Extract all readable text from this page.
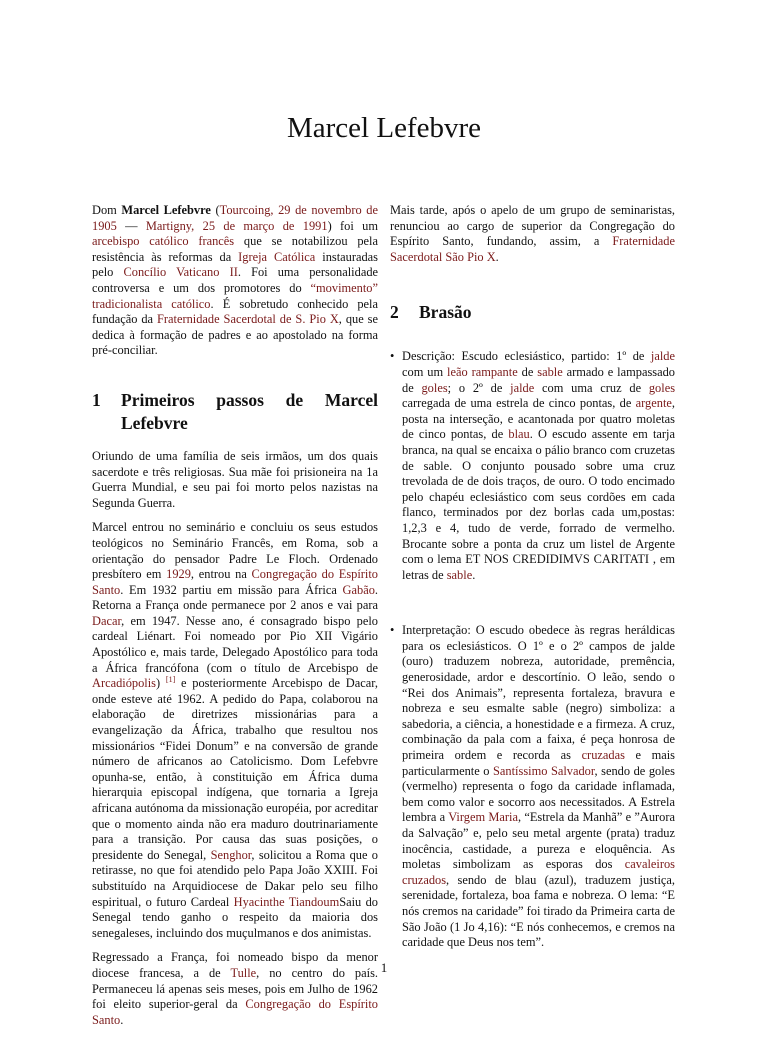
Marcel Lefebvre

Dom Marcel Lefebvre (Tourcoing, 29 de novembro de 1905 — Martigny, 25 de março de 1991) foi um arcebispo católico francês que se notabilizou pela resistência às reformas da Igreja Católica instauradas pelo Concílio Vaticano II. Foi uma personalidade controversa e um dos promotores do “movimento” tradicionalista católico. É sobretudo conhecido pela fundação da Fraternidade Sacerdotal de S. Pio X, que se dedica à formação de padres e ao apostolado na forma pré-conciliar.

1	Primeiros passos de Marcel Lefebvre

Oriundo de uma família de seis irmãos, um dos quais sacerdote e três religiosas. Sua mãe foi prisioneira na 1a Guerra Mundial, e seu pai foi morto pelos nazistas na Segunda Guerra.

Marcel entrou no seminário e concluiu os seus estudos teológicos no Seminário Francês, em Roma, sob a orientação do pensador Padre Le Floch. Ordenado presbítero em 1929, entrou na Congregação do Espírito Santo. Em 1932 partiu em missão para África Gabão. Retorna a França onde permanece por 2 anos e vai para Dacar, em 1947. Nesse ano, é consagrado bispo pelo cardeal Liénart. Foi nomeado por Pio XII Vigário Apostólico e, mais tarde, Delegado Apostólico para toda a África francófona (com o título de Arcebispo de Arcadiópolis) [1] e posteriormente Arcebispo de Dacar, onde esteve até 1962. A pedido do Papa, colaborou na elaboração de diretrizes missionárias para a evangelização da África, trabalho que resultou nos missionários “Fidei Donum” e na conversão de grande número de africanos ao Catolicismo. Dom Lefebvre opunha-se, então, à constituição em África duma hierarquia episcopal indígena, que tornaria a Igreja africana autónoma da missionação européia, por acreditar que o momento ainda não era maduro doutrinariamente para a transição. Por causa das suas posições, o presidente do Senegal, Senghor, solicitou a Roma que o retirasse, no que foi atendido pelo Papa João XXIII. Foi substituído na Arquidiocese de Dakar pelo seu filho espiritual, o futuro Cardeal Hyacinthe TiandoumSaiu do Senegal tendo ganho o respeito da maioria dos senegaleses, incluindo dos muçulmanos e dos animistas.

Regressado a França, foi nomeado bispo da menor diocese francesa, a de Tulle, no centro do país. Permaneceu lá apenas seis meses, pois em Julho de 1962 foi eleito superior-geral da Congregação do Espírito Santo.

Mais tarde, após o apelo de um grupo de seminaristas, renunciou ao cargo de superior da Congregação do Espírito Santo, fundando, assim, a Fraternidade Sacerdotal São Pio X.

2	Brasão
• Descrição: Escudo eclesiástico, partido: 1º de jalde com um leão rampante de sable armado e lampassado de goles; o 2º de jalde com uma cruz de goles carregada de uma estrela de cinco pontas, de argente, posta na interseção, e acantonada por quatro moletas de cinco pontas, de blau. O escudo assente em tarja branca, na qual se encaixa o pálio branco com cruzetas de sable. O conjunto pousado sobre uma cruz trevolada de de dois traços, de ouro. O todo encimado pelo chapéu eclesiástico com seus cordões em cada flanco, terminados por dez borlas cada um,postas: 1,2,3 e 4, tudo de verde, forrado de vermelho. Brocante sobre a ponta da cruz um listel de Argente com o lema ET NOS CREDIDIMVS CARITATI , em letras de sable.
• Interpretação: O escudo obedece às regras heráldicas para os eclesiásticos. O 1º e o 2º campos de jalde (ouro) traduzem nobreza, autoridade, premência, generosidade, ardor e descortínio. O leão, sendo o “Rei dos Animais”, representa fortaleza, bravura e nobreza e seu esmalte sable (negro) simboliza: a sabedoria, a ciência, a honestidade e a firmeza. A cruz, combinação da pala com a faixa, é peça honrosa de primeira ordem e recorda as cruzadas e mais particularmente o Santíssimo Salvador, sendo de goles (vermelho) representa o fogo da caridade inflamada, bem como valor e socorro aos necessitados. A Estrela lembra a Virgem Maria, “Estrela da Manhã” e ”Aurora da Salvação” e, pelo seu metal argente (prata) traduz inocência, castidade, a pureza e eloquência. As moletas simbolizam as esporas dos cavaleiros cruzados, sendo de blau (azul), traduzem justiça, serenidade, fortaleza, boa fama e nobreza. O lema: “E nós cremos na caridade” foi tirado da Primeira carta de São João (1 Jo 4,16): “E nós conhecemos, e cremos na caridade que Deus nos tem”.
1
